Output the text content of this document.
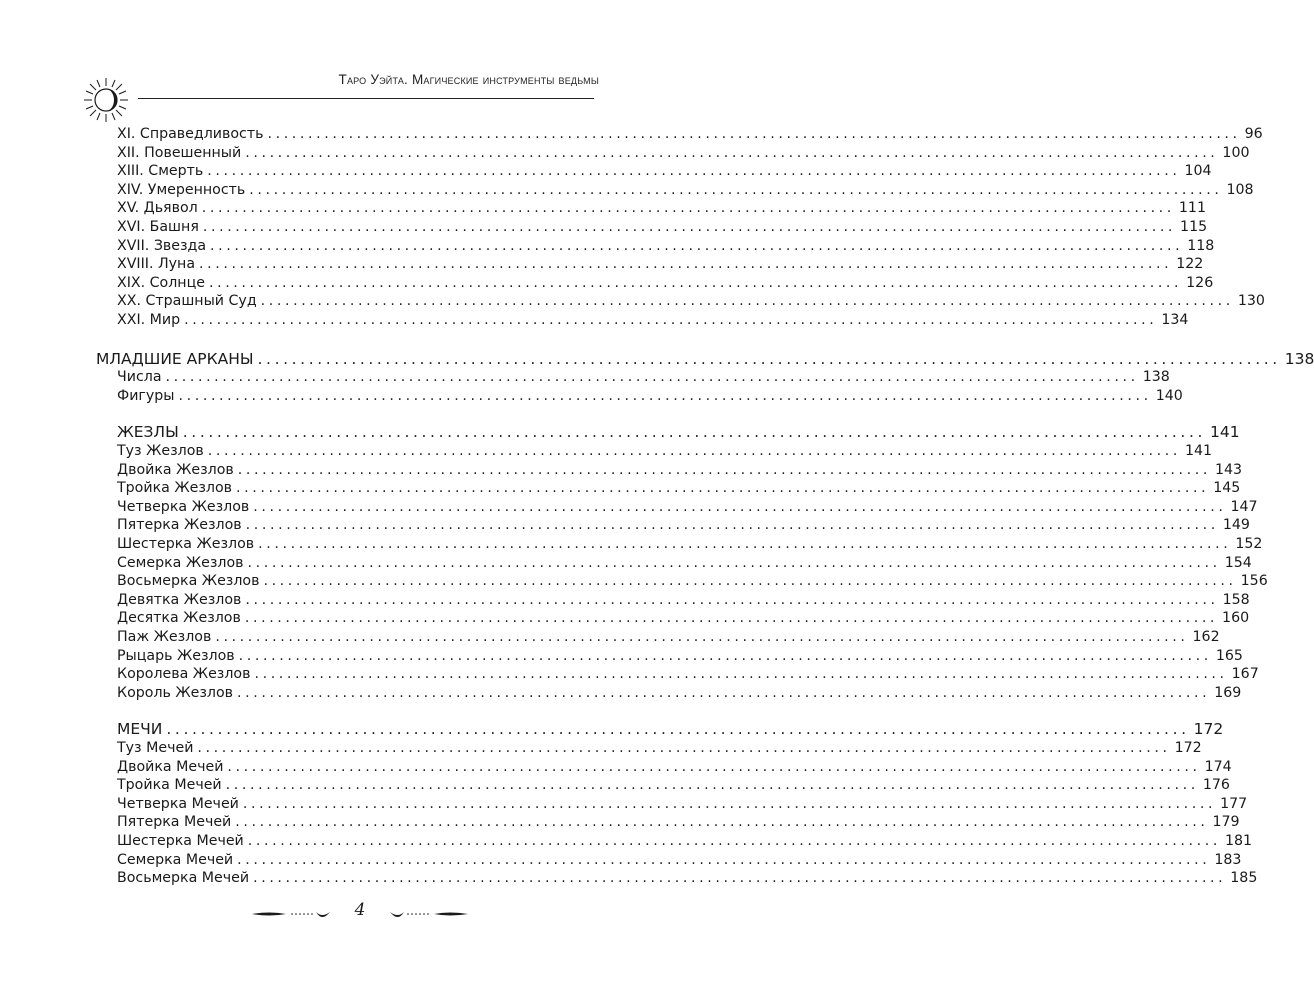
Таро Уэйта. Магические инструменты ведьмы
XI. Справедливость ........................................................................................................................ 96
XII. Повешенный ........................................................................................................................ 100
XIII. Смерть ........................................................................................................................ 104
XIV. Умеренность ........................................................................................................................ 108
XV. Дьявол ........................................................................................................................ 111
XVI. Башня ........................................................................................................................ 115
XVII. Звезда ........................................................................................................................ 118
XVIII. Луна ........................................................................................................................ 122
XIX. Солнце ........................................................................................................................ 126
XX. Страшный Суд ........................................................................................................................ 130
XXI. Мир ........................................................................................................................ 134
МЛАДШИЕ АРКАНЫ ........................................................................................................................ 138
Числа ........................................................................................................................ 138
Фигуры ........................................................................................................................ 140
ЖЕЗЛЫ ........................................................................................................................ 141
Туз Жезлов ........................................................................................................................ 141
Двойка Жезлов ........................................................................................................................ 143
Тройка Жезлов ........................................................................................................................ 145
Четверка Жезлов ........................................................................................................................ 147
Пятерка Жезлов ........................................................................................................................ 149
Шестерка Жезлов ........................................................................................................................ 152
Семерка Жезлов ........................................................................................................................ 154
Восьмерка Жезлов ........................................................................................................................ 156
Девятка Жезлов ........................................................................................................................ 158
Десятка Жезлов ........................................................................................................................ 160
Паж Жезлов ........................................................................................................................ 162
Рыцарь Жезлов ........................................................................................................................ 165
Королева Жезлов ........................................................................................................................ 167
Король Жезлов ........................................................................................................................ 169
МЕЧИ ........................................................................................................................ 172
Туз Мечей ........................................................................................................................ 172
Двойка Мечей ........................................................................................................................ 174
Тройка Мечей ........................................................................................................................ 176
Четверка Мечей ........................................................................................................................ 177
Пятерка Мечей ........................................................................................................................ 179
Шестерка Мечей ........................................................................................................................ 181
Семерка Мечей ........................................................................................................................ 183
Восьмерка Мечей ........................................................................................................................ 185
4
